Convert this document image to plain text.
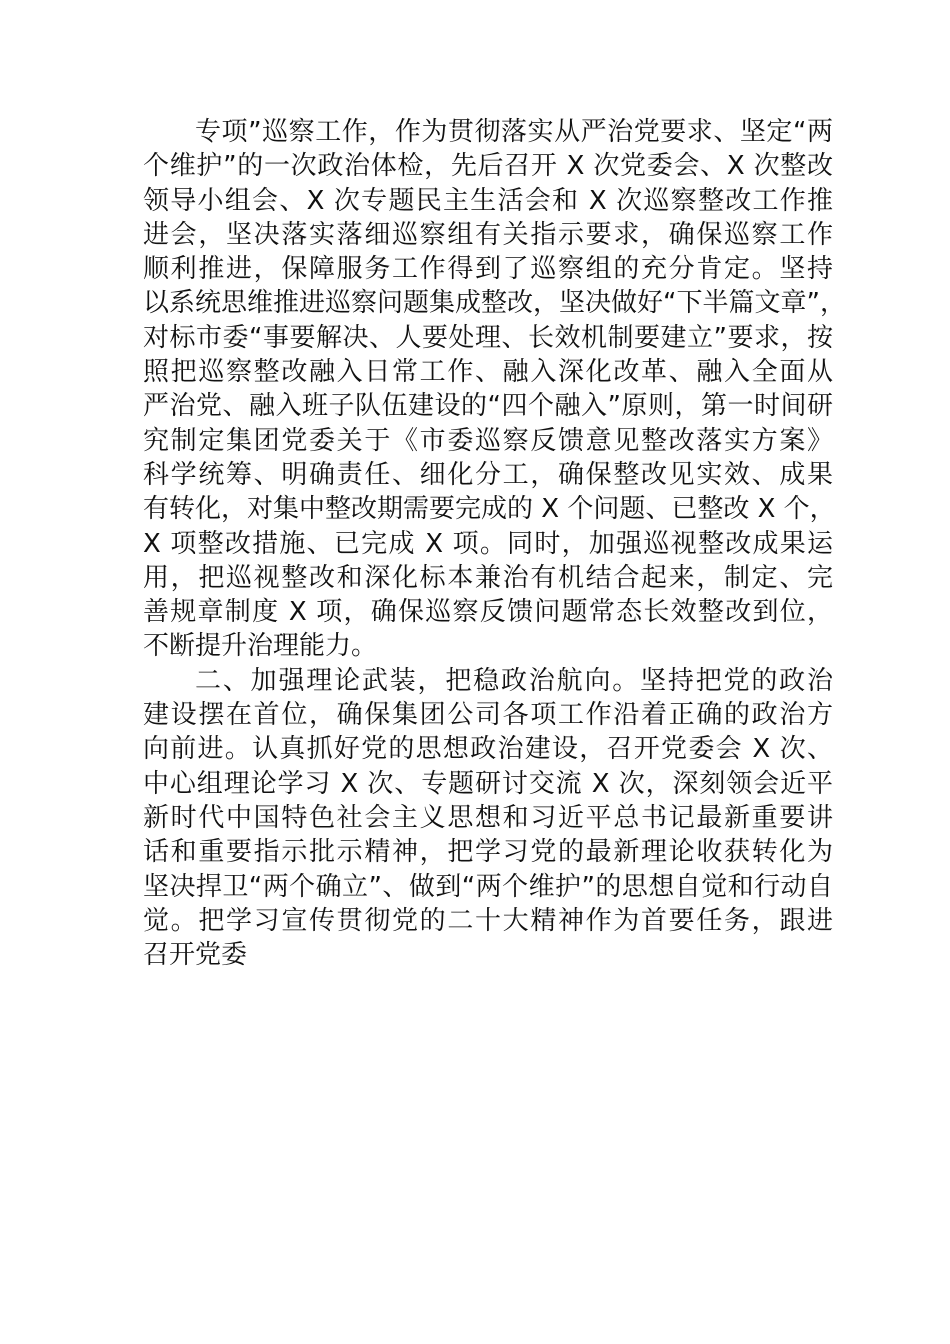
专项”巡察工作，作为贯彻落实从严治党要求、坚定“两
个维护”的一次政治体检，先后召开 X 次党委会、X 次整改
领导小组会、X 次专题民主生活会和 X 次巡察整改工作推
进会，坚决落实落细巡察组有关指示要求，确保巡察工作
顺利推进，保障服务工作得到了巡察组的充分肯定。坚持
以系统思维推进巡察问题集成整改，坚决做好“下半篇文章”，
对标市委“事要解决、人要处理、长效机制要建立”要求，按
照把巡察整改融入日常工作、融入深化改革、融入全面从
严治党、融入班子队伍建设的“四个融入”原则，第一时间研
究制定集团党委关于《市委巡察反馈意见整改落实方案》
科学统筹、明确责任、细化分工，确保整改见实效、成果
有转化，对集中整改期需要完成的 X 个问题、已整改 X 个，
X 项整改措施、已完成 X 项。同时，加强巡视整改成果运
用，把巡视整改和深化标本兼治有机结合起来，制定、完
善规章制度 X 项，确保巡察反馈问题常态长效整改到位，
不断提升治理能力。
二、加强理论武装，把稳政治航向。坚持把党的政治
建设摆在首位，确保集团公司各项工作沿着正确的政治方
向前进。认真抓好党的思想政治建设，召开党委会 X 次、
中心组理论学习 X 次、专题研讨交流 X 次，深刻领会近平
新时代中国特色社会主义思想和习近平总书记最新重要讲
话和重要指示批示精神，把学习党的最新理论收获转化为
坚决捍卫“两个确立”、做到“两个维护”的思想自觉和行动自
觉。把学习宣传贯彻党的二十大精神作为首要任务，跟进
召开党委
